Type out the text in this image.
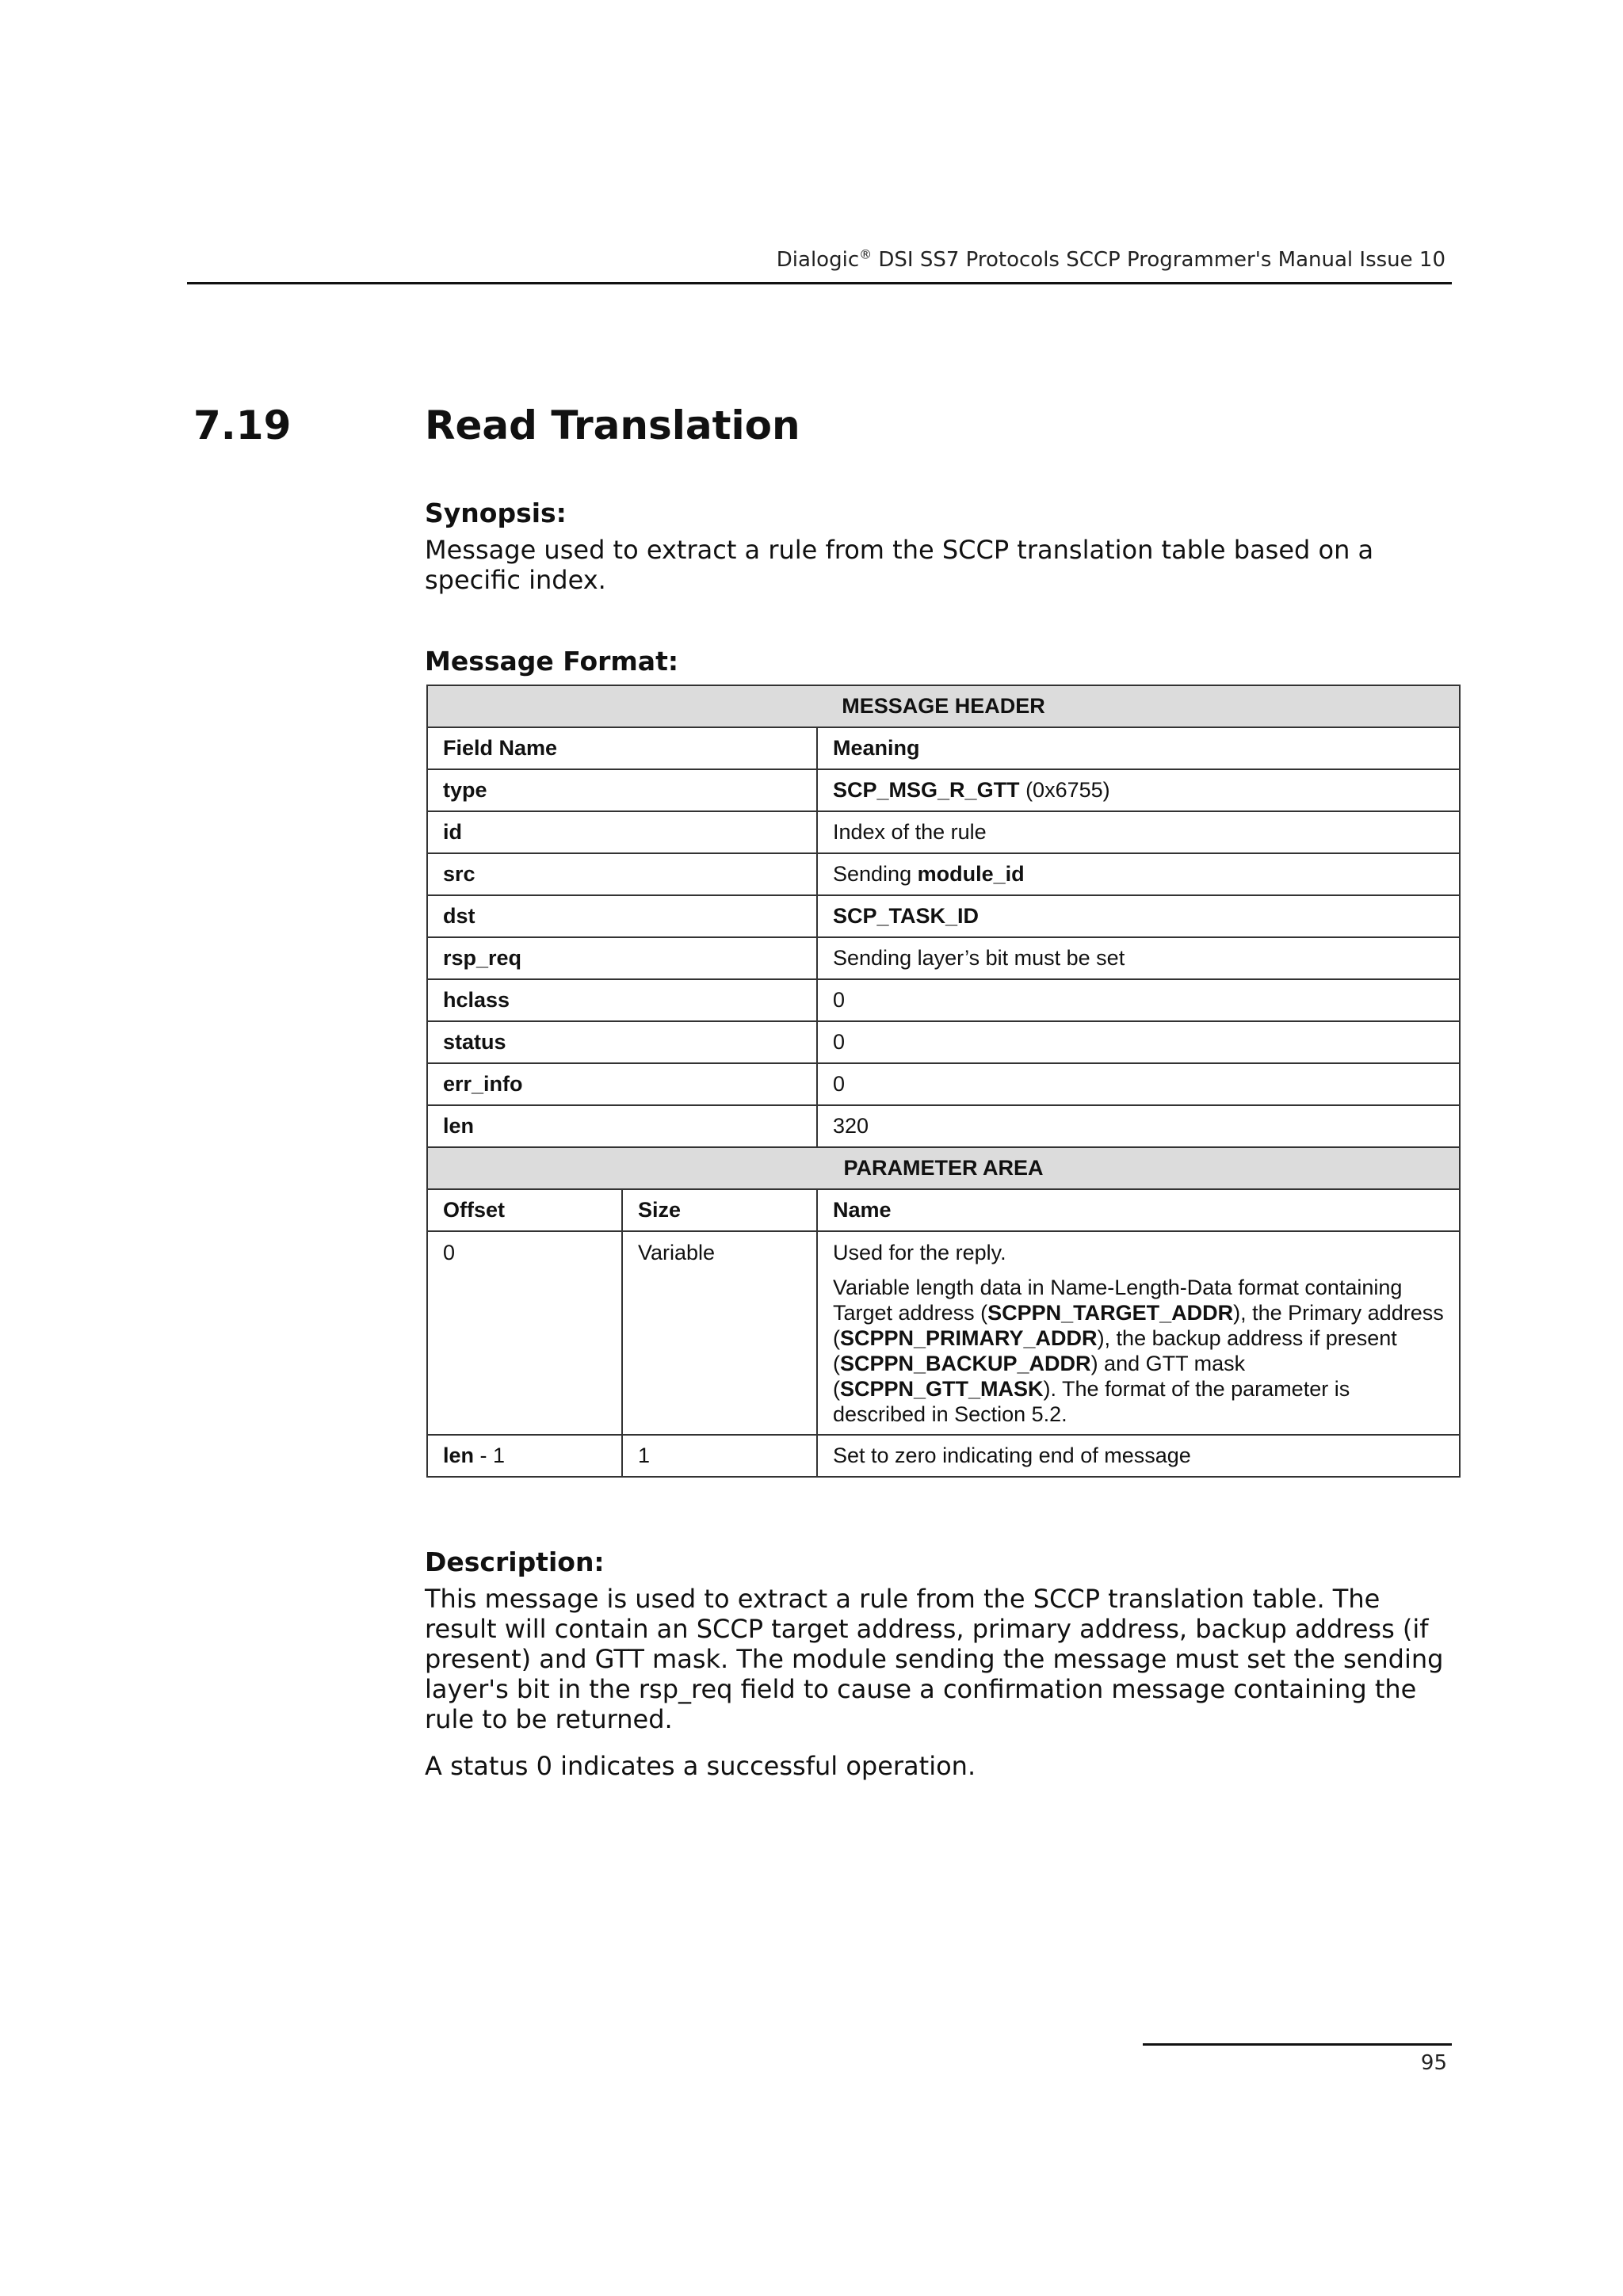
Dialogic® DSI SS7 Protocols SCCP Programmer's Manual Issue 10
7.19	Read Translation
Synopsis:
Message used to extract a rule from the SCCP translation table based on a
specific index.
Message Format:
MESSAGE HEADER		
Field Name		Meaning
type		SCP_MSG_R_GTT (0x6755)
id		Index of the rule
src		Sending module_id
dst		SCP_TASK_ID
rsp_req		Sending layer’s bit must be set
hclass		0
status		0
err_info		0
len		320
PARAMETER AREA		
Offset	Size	Name
0	Variable	Used for the reply.
Variable length data in Name-Length-Data format containing Target address (SCPPN_TARGET_ADDR), the Primary address (SCPPN_PRIMARY_ADDR), the backup address if present (SCPPN_BACKUP_ADDR) and GTT mask (SCPPN_GTT_MASK). The format of the parameter is described in Section 5.2.

len - 1	1	Set to zero indicating end of message
Description:
This message is used to extract a rule from the SCCP translation table. The
result will contain an SCCP target address, primary address, backup address (if
present) and GTT mask. The module sending the message must set the sending
layer's bit in the rsp_req field to cause a confirmation message containing the
rule to be returned.
A status 0 indicates a successful operation.
95
